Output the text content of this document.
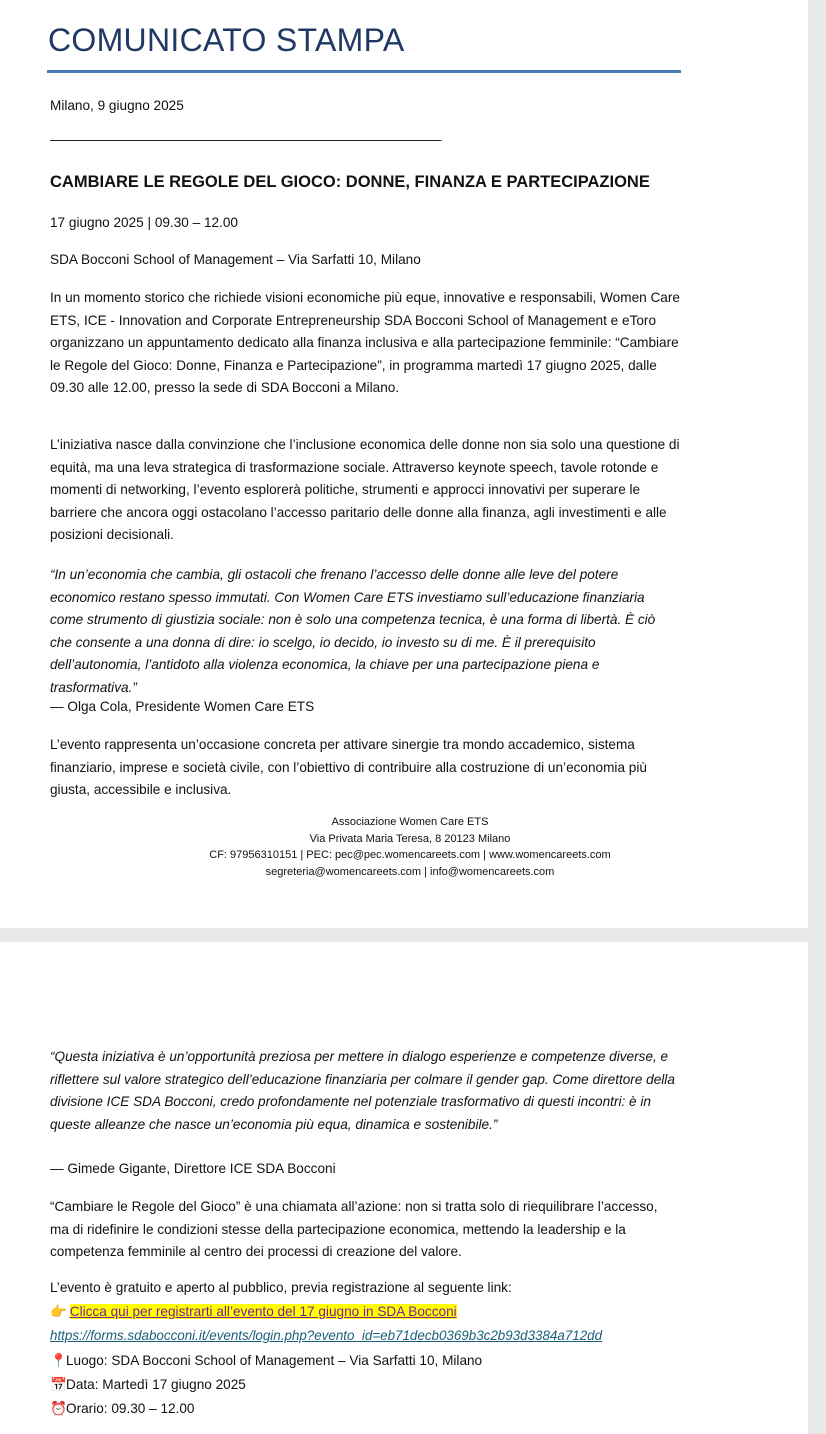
COMUNICATO STAMPA
Milano, 9 giugno 2025
———————————————————————————————
CAMBIARE LE REGOLE DEL GIOCO: DONNE, FINANZA E PARTECIPAZIONE
17 giugno 2025 | 09.30 – 12.00
SDA Bocconi School of Management – Via Sarfatti 10, Milano
In un momento storico che richiede visioni economiche più eque, innovative e responsabili, Women Care ETS, ICE - Innovation and Corporate Entrepreneurship SDA Bocconi School of Management e eToro organizzano un appuntamento dedicato alla finanza inclusiva e alla partecipazione femminile: “Cambiare le Regole del Gioco: Donne, Finanza e Partecipazione”, in programma martedì 17 giugno 2025, dalle 09.30 alle 12.00, presso la sede di SDA Bocconi a Milano.
L’iniziativa nasce dalla convinzione che l’inclusione economica delle donne non sia solo una questione di equità, ma una leva strategica di trasformazione sociale. Attraverso keynote speech, tavole rotonde e momenti di networking, l’evento esplorerà politiche, strumenti e approcci innovativi per superare le barriere che ancora oggi ostacolano l’accesso paritario delle donne alla finanza, agli investimenti e alle posizioni decisionali.
“In un’economia che cambia, gli ostacoli che frenano l’accesso delle donne alle leve del potere economico restano spesso immutati. Con Women Care ETS investiamo sull’educazione finanziaria come strumento di giustizia sociale: non è solo una competenza tecnica, è una forma di libertà. È ciò che consente a una donna di dire: io scelgo, io decido, io investo su di me. È il prerequisito dell’autonomia, l’antidoto alla violenza economica, la chiave per una partecipazione piena e trasformativa.”
— Olga Cola, Presidente Women Care ETS
L’evento rappresenta un’occasione concreta per attivare sinergie tra mondo accademico, sistema finanziario, imprese e società civile, con l’obiettivo di contribuire alla costruzione di un’economia più giusta, accessibile e inclusiva.
Associazione Women Care ETS
Via Privata Maria Teresa, 8 20123 Milano
CF: 97956310151 | PEC: pec@pec.womencareets.com | www.womencareets.com
segreteria@womencareets.com | info@womencareets.com
“Questa iniziativa è un’opportunità preziosa per mettere in dialogo esperienze e competenze diverse, e riflettere sul valore strategico dell’educazione finanziaria per colmare il gender gap. Come direttore della divisione ICE SDA Bocconi, credo profondamente nel potenziale trasformativo di questi incontri: è in queste alleanze che nasce un’economia più equa, dinamica e sostenibile.”
— Gimede Gigante, Direttore ICE SDA Bocconi
“Cambiare le Regole del Gioco” è una chiamata all’azione: non si tratta solo di riequilibrare l’accesso, ma di ridefinire le condizioni stesse della partecipazione economica, mettendo la leadership e la competenza femminile al centro dei processi di creazione del valore.
L’evento è gratuito e aperto al pubblico, previa registrazione al seguente link:
👉 Clicca qui per registrarti all’evento del 17 giugno in SDA Bocconi
https://forms.sdabocconi.it/events/login.php?evento_id=eb71decb0369b3c2b93d3384a712dd
📍Luogo: SDA Bocconi School of Management – Via Sarfatti 10, Milano
📅Data: Martedì 17 giugno 2025
⏰Orario: 09.30 – 12.00
